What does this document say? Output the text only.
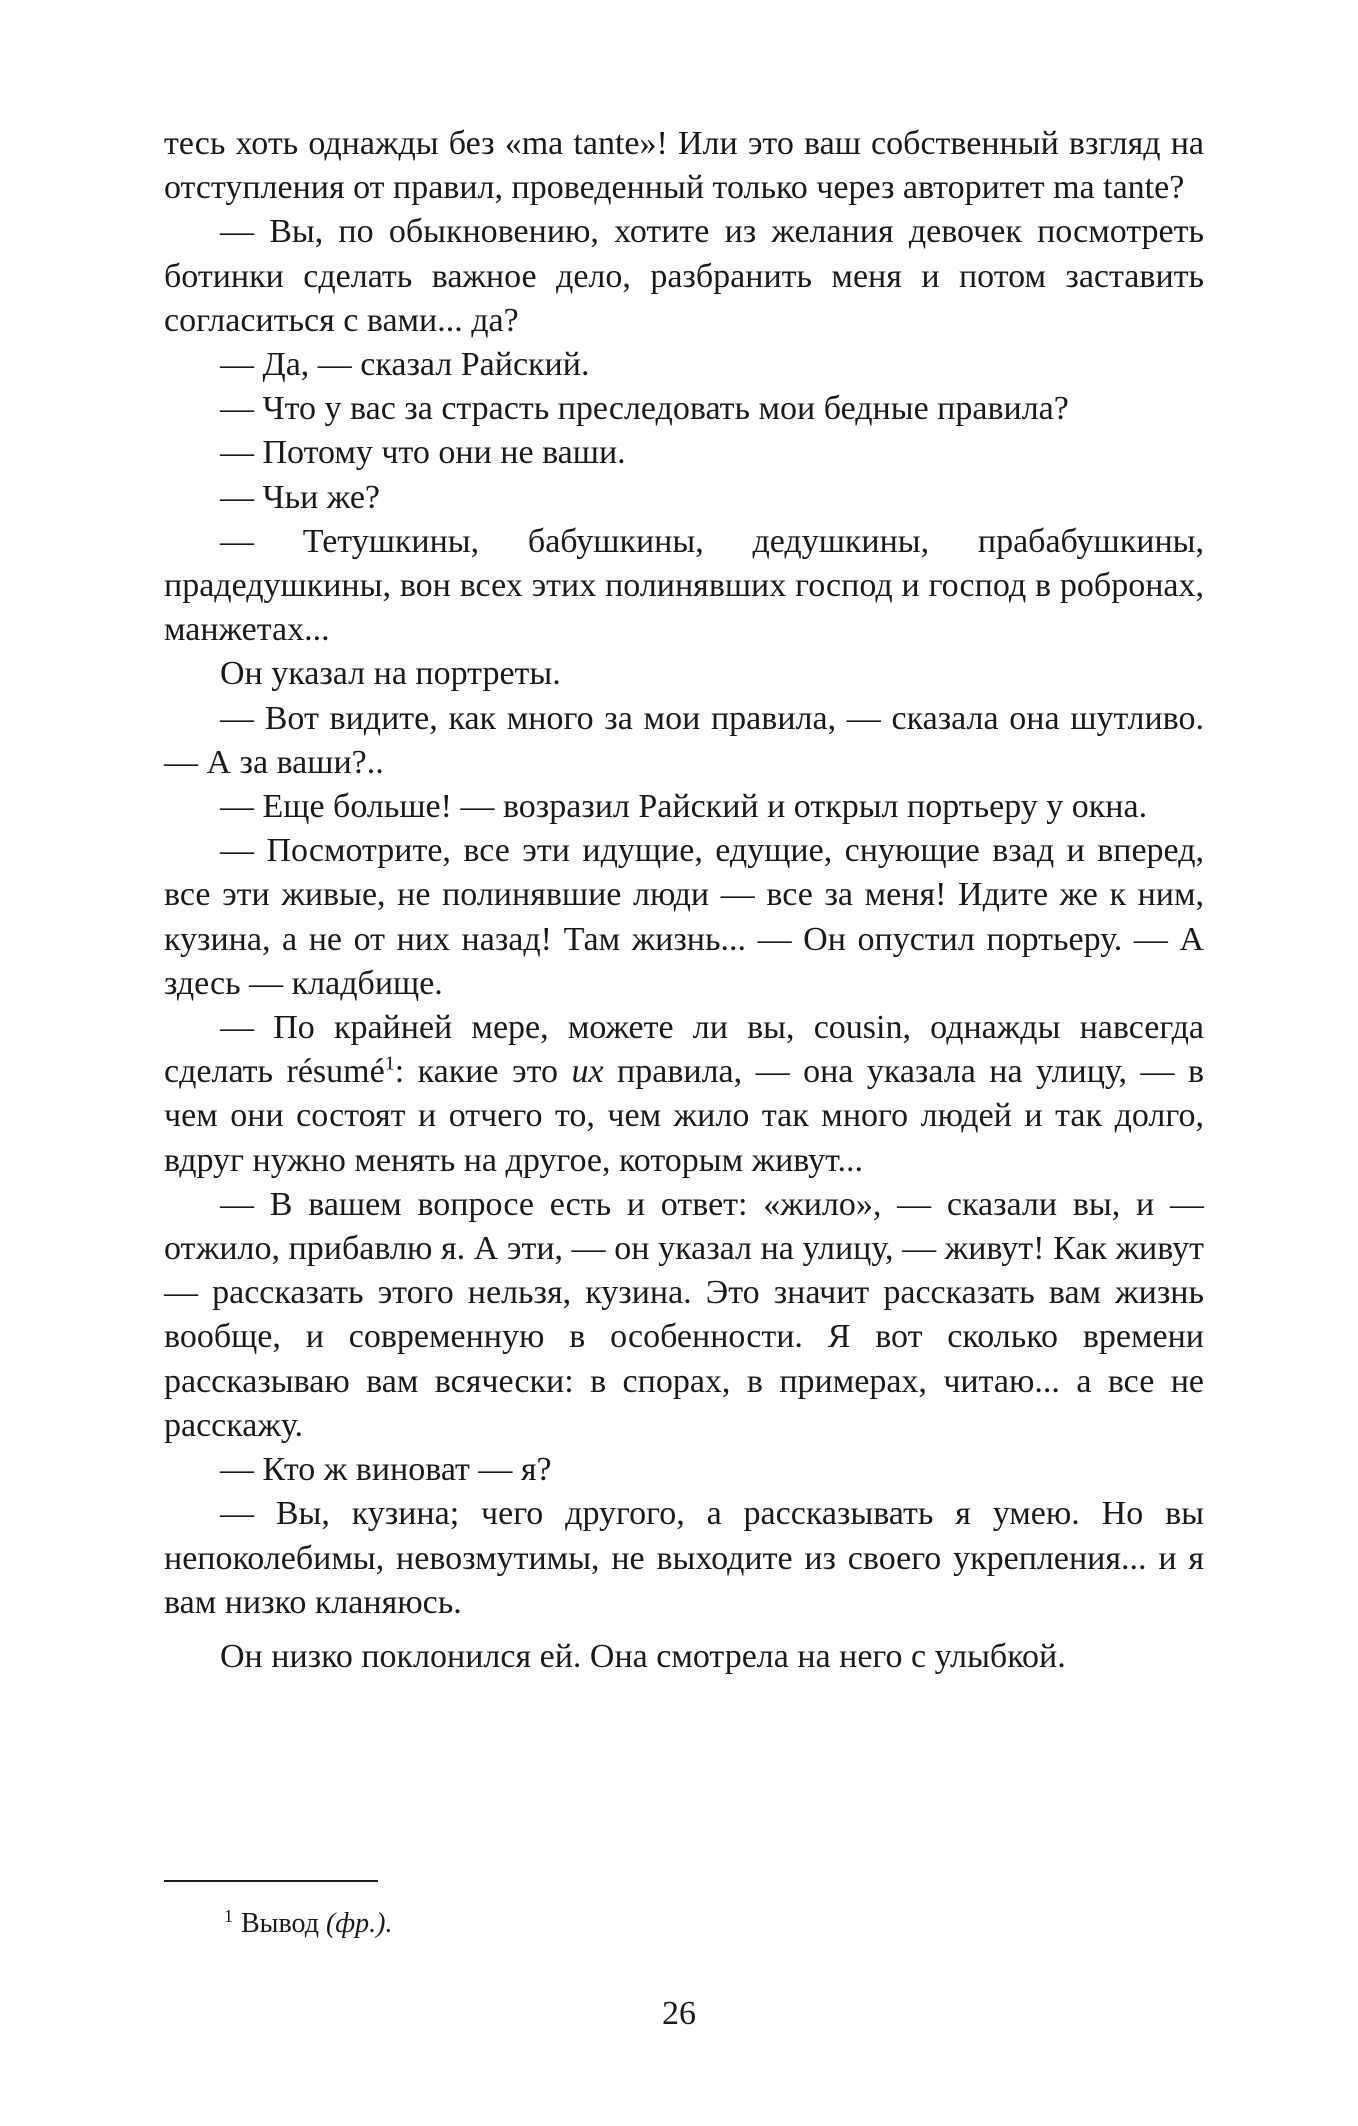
тесь хоть однажды без «ma tante»! Или это ваш собственный взгляд на отступления от правил, проведенный только через авторитет ma tante?

— Вы, по обыкновению, хотите из желания девочек посмотреть ботинки сделать важное дело, разбранить меня и потом заставить согласиться с вами... да?

— Да, — сказал Райский.

— Что у вас за страсть преследовать мои бедные правила?

— Потому что они не ваши.

— Чьи же?

— Тетушкины, бабушкины, дедушкины, прабабушкины, прадедушкины, вон всех этих полинявших господ и господ в робронах, манжетах...

Он указал на портреты.

— Вот видите, как много за мои правила, — сказала она шутливо. — А за ваши?..

— Еще больше! — возразил Райский и открыл портьеру у окна.

— Посмотрите, все эти идущие, едущие, снующие взад и вперед, все эти живые, не полинявшие люди — все за меня! Идите же к ним, кузина, а не от них назад! Там жизнь... — Он опустил портьеру. — А здесь — кладбище.

— По крайней мере, можете ли вы, cousin, однажды навсегда сделать résumé$^1$: какие это их правила, — она указала на улицу, — в чем они состоят и отчего то, чем жило так много людей и так долго, вдруг нужно менять на другое, которым живут...

— В вашем вопросе есть и ответ: «жило», — сказали вы, и — отжило, прибавлю я. А эти, — он указал на улицу, — живут! Как живут — рассказать этого нельзя, кузина. Это значит рассказать вам жизнь вообще, и современную в особенности. Я вот сколько времени рассказываю вам всячески: в спорах, в примерах, читаю... а все не расскажу.

— Кто ж виноват — я?

— Вы, кузина; чего другого, а рассказывать я умею. Но вы непоколебимы, невозмутимы, не выходите из своего укрепления... и я вам низко кланяюсь.

Он низко поклонился ей. Она смотрела на него с улыбкой.

$^1$ Вывод (фр.).
26
